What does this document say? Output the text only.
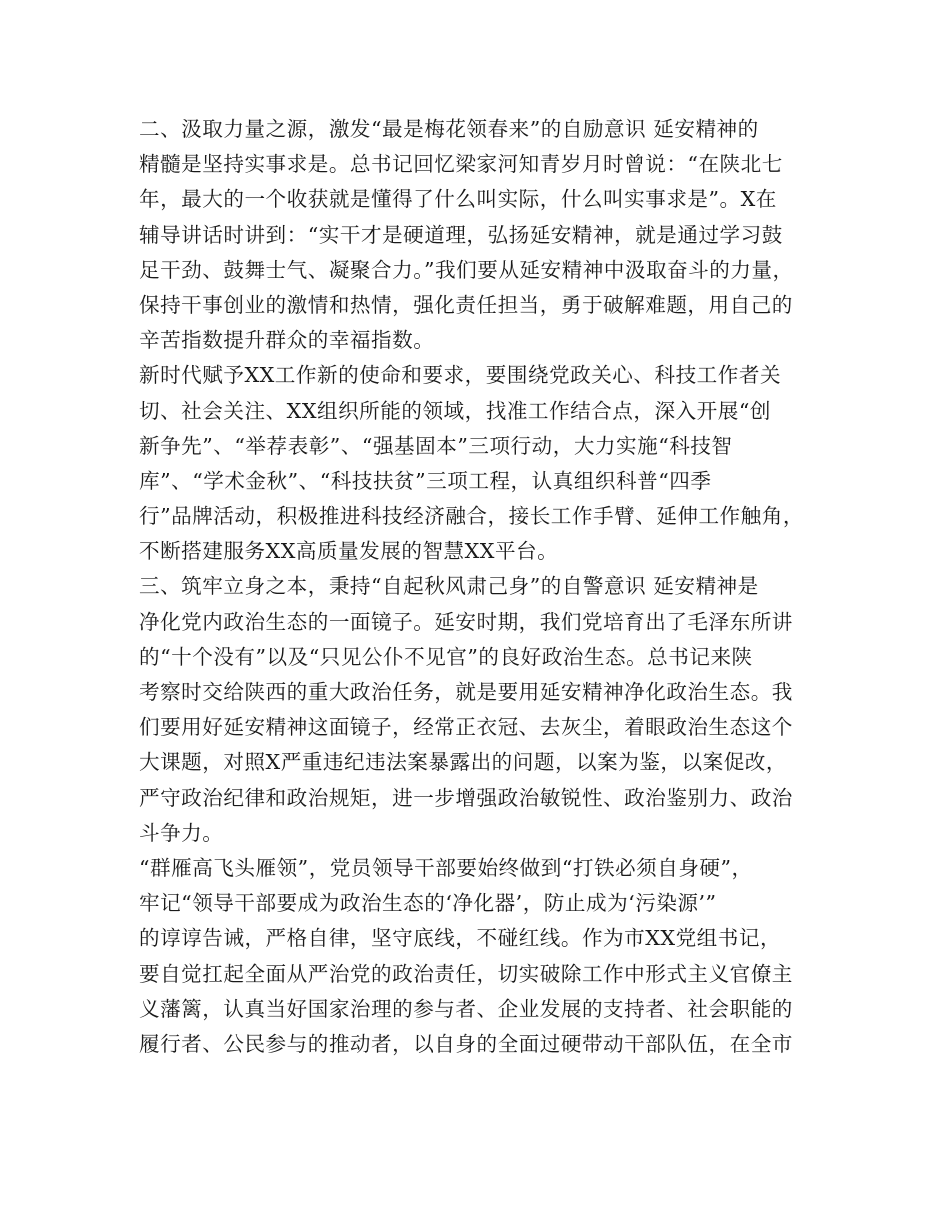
二、汲取力量之源，激发“最是梅花领春来”的自励意识 延安精神的
精髓是坚持实事求是。总书记回忆梁家河知青岁月时曾说：“在陕北七
年，最大的一个收获就是懂得了什么叫实际，什么叫实事求是”。X在
辅导讲话时讲到：“实干才是硬道理，弘扬延安精神，就是通过学习鼓
足干劲、鼓舞士气、凝聚合力。”我们要从延安精神中汲取奋斗的力量，
保持干事创业的激情和热情，强化责任担当，勇于破解难题，用自己的
辛苦指数提升群众的幸福指数。
新时代赋予XX工作新的使命和要求，要围绕党政关心、科技工作者关
切、社会关注、XX组织所能的领域，找准工作结合点，深入开展“创
新争先”、“举荐表彰”、“强基固本”三项行动，大力实施“科技智
库”、“学术金秋”、“科技扶贫”三项工程，认真组织科普“四季
行”品牌活动，积极推进科技经济融合，接长工作手臂、延伸工作触角，
不断搭建服务XX高质量发展的智慧XX平台。
三、筑牢立身之本，秉持“自起秋风肃己身”的自警意识 延安精神是
净化党内政治生态的一面镜子。延安时期，我们党培育出了毛泽东所讲
的“十个没有”以及“只见公仆不见官”的良好政治生态。总书记来陕
考察时交给陕西的重大政治任务，就是要用延安精神净化政治生态。我
们要用好延安精神这面镜子，经常正衣冠、去灰尘，着眼政治生态这个
大课题，对照X严重违纪违法案暴露出的问题，以案为鉴，以案促改，
严守政治纪律和政治规矩，进一步增强政治敏锐性、政治鉴别力、政治
斗争力。
“群雁高飞头雁领”，党员领导干部要始终做到“打铁必须自身硬”，
牢记“领导干部要成为政治生态的‘净化器’，防止成为‘污染源’”
的谆谆告诫，严格自律，坚守底线，不碰红线。作为市XX党组书记，
要自觉扛起全面从严治党的政治责任，切实破除工作中形式主义官僚主
义藩篱，认真当好国家治理的参与者、企业发展的支持者、社会职能的
履行者、公民参与的推动者，以自身的全面过硬带动干部队伍，在全市
